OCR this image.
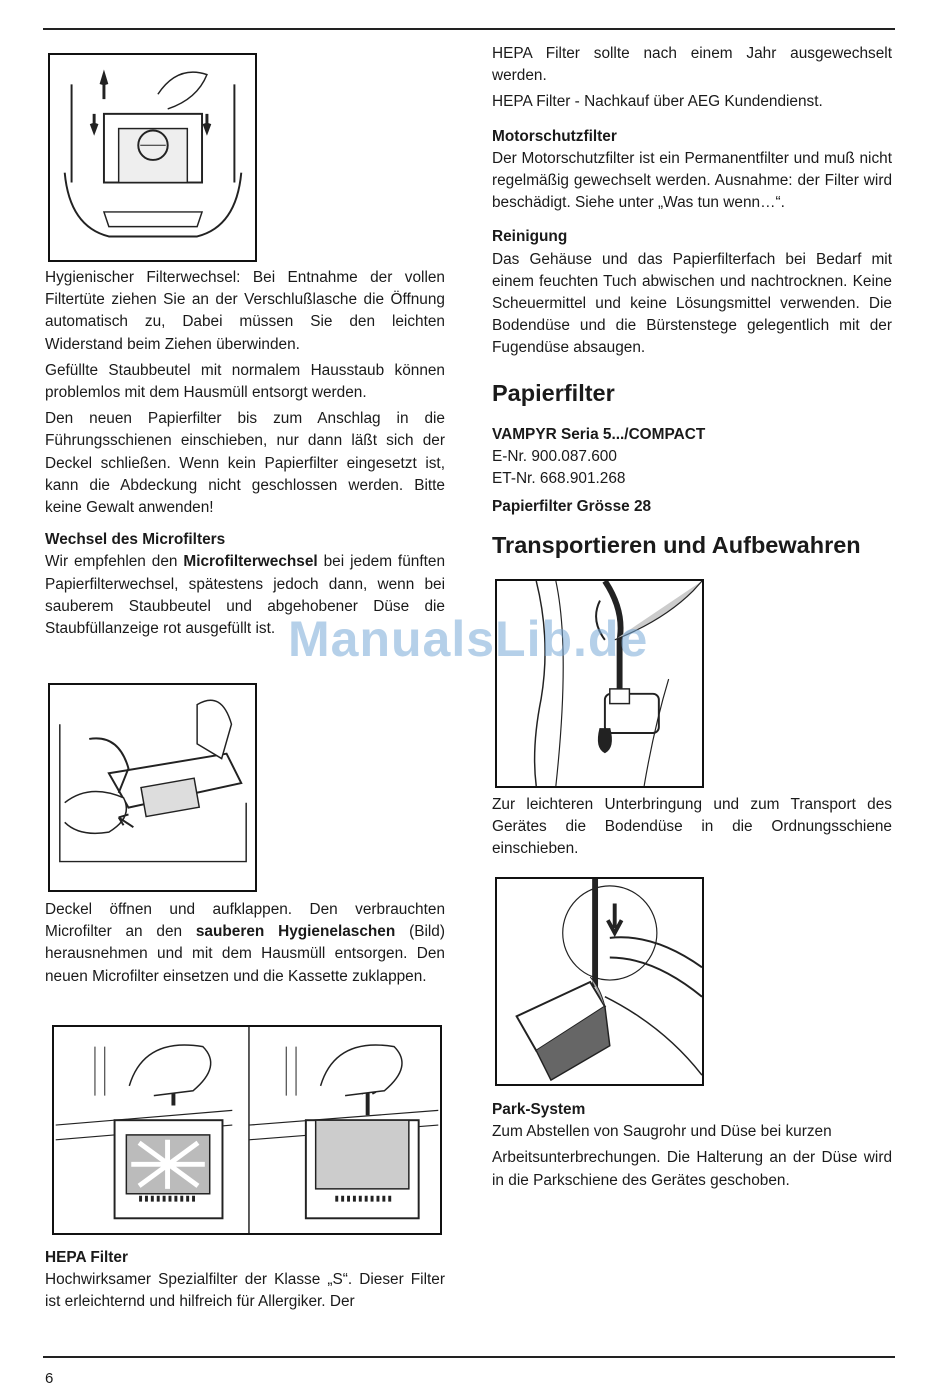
Hygienischer Filterwechsel: Bei Entnahme der vollen Filtertüte ziehen Sie an der Verschlußlasche die Öffnung automatisch zu, Dabei müssen Sie den leichten Widerstand beim Ziehen überwinden.

Gefüllte Staubbeutel mit normalem Hausstaub können problemlos mit dem Hausmüll entsorgt werden.

Den neuen Papierfilter bis zum Anschlag in die Führungsschienen einschieben, nur dann läßt sich der Deckel schließen. Wenn kein Papierfilter eingesetzt ist, kann die Abdeckung nicht geschlossen werden. Bitte keine Gewalt anwenden!

Wechsel des Microfilters

Wir empfehlen den Microfilterwechsel bei jedem fünften Papierfilterwechsel, spätestens jedoch dann, wenn bei sauberem Staubbeutel und abgehobener Düse die Staubfüllanzeige rot ausgefüllt ist.

Deckel öffnen und aufklappen. Den verbrauchten Microfilter an den sauberen Hygienelaschen (Bild) herausnehmen und mit dem Hausmüll entsorgen. Den neuen Microfilter einsetzen und die Kassette zuklappen.

HEPA Filter

Hochwirksamer Spezialfilter der Klasse „S“. Dieser Filter ist erleichternd und hilfreich für Allergiker. Der

HEPA Filter sollte nach einem Jahr ausgewechselt werden.

HEPA Filter - Nachkauf über AEG Kundendienst.

Motorschutzfilter

Der Motorschutzfilter ist ein Permanentfilter und muß nicht regelmäßig gewechselt werden. Ausnahme: der Filter wird beschädigt. Siehe unter „Was tun wenn…“.

Reinigung

Das Gehäuse und das Papierfilterfach bei Bedarf mit einem feuchten Tuch abwischen und nachtrocknen. Keine Scheuermittel und keine Lösungsmittel verwenden. Die Bodendüse und die Bürstenstege gelegentlich mit der Fugendüse absaugen.

Papierfilter

VAMPYR Seria 5.../COMPACT

E-Nr. 900.087.600

ET-Nr. 668.901.268

Papierfilter Grösse 28

Transportieren und Aufbewahren

Zur leichteren Unterbringung und zum Transport des Gerätes die Bodendüse in die Ordnungsschiene einschieben.

Park-System

Zum Abstellen von Saugrohr und Düse bei kurzen

Arbeitsunterbrechungen. Die Halterung an der Düse wird in die Parkschiene des Gerätes geschoben.

ManualsLib.de
6
